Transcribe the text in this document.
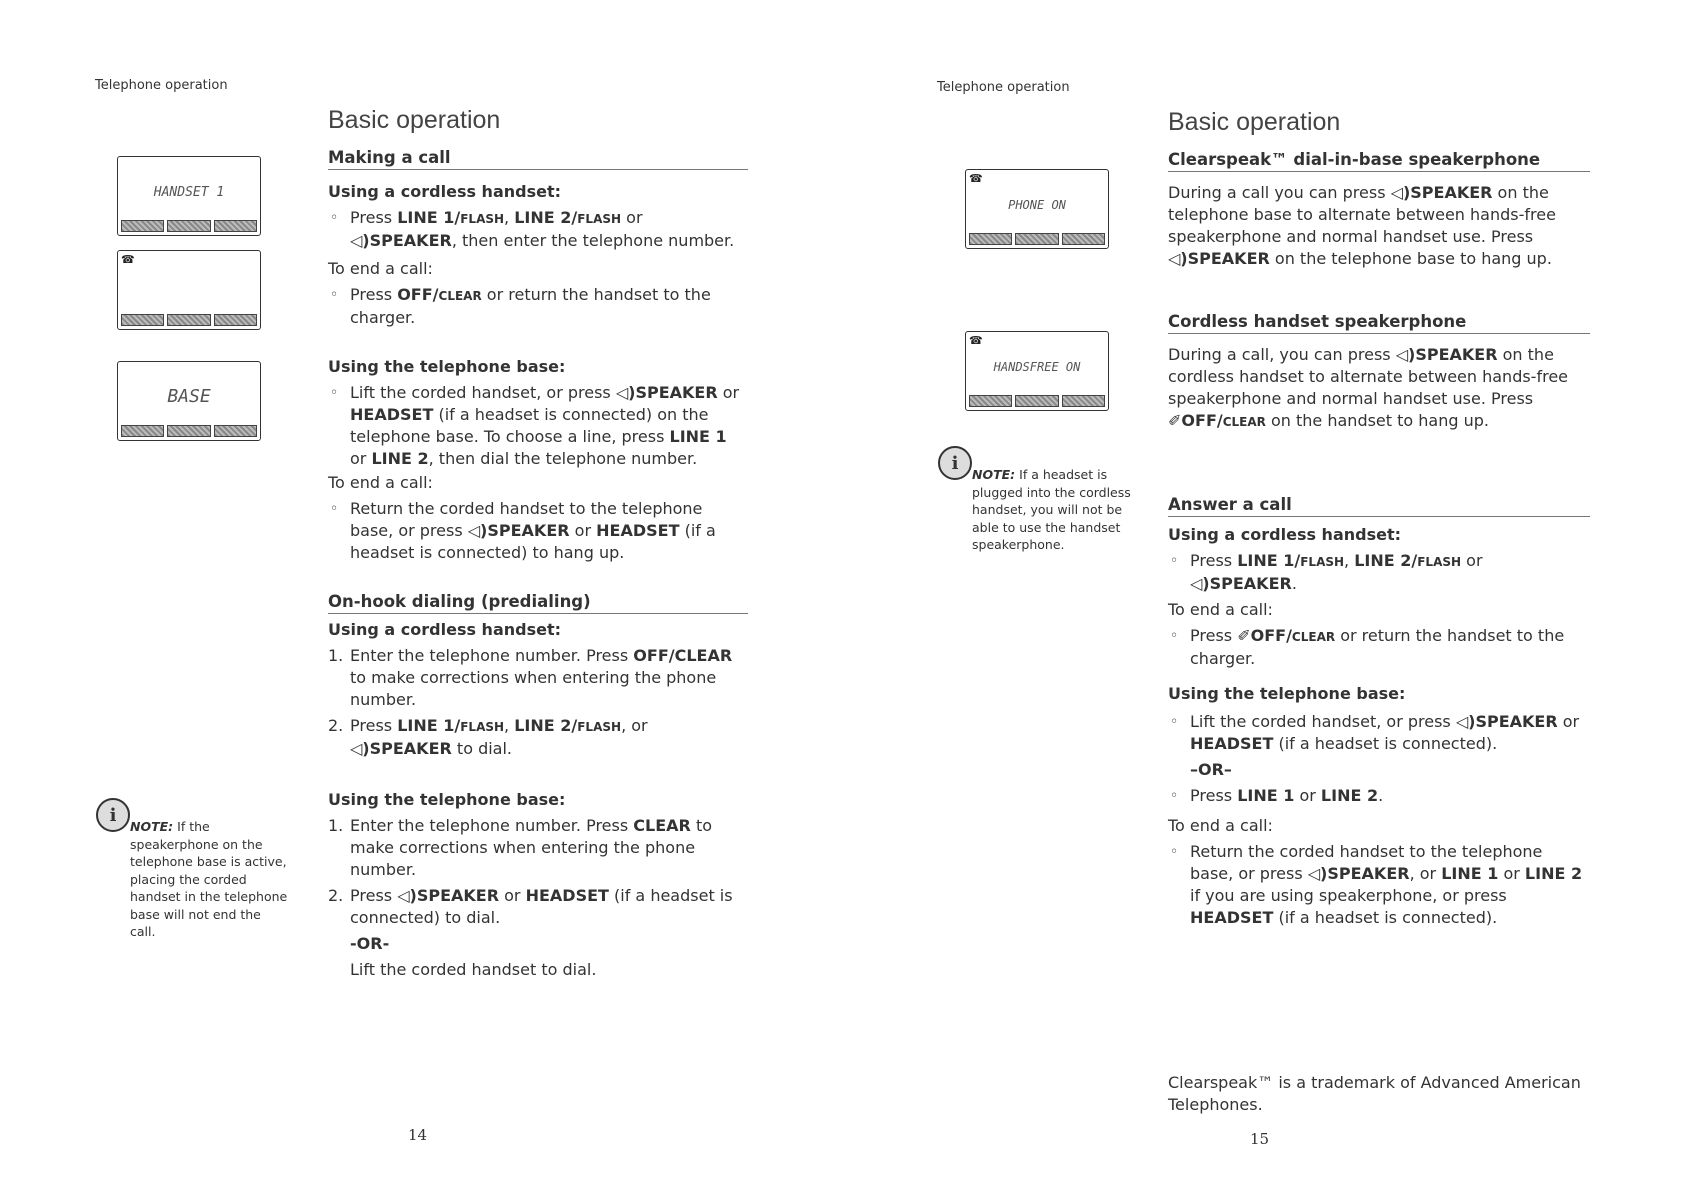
Telephone operation
Basic operation
HANDSET 1
☎
BASE
Making a call
Using a cordless handset:
◦ Press LINE 1/FLASH, LINE 2/FLASH or ◁)SPEAKER, then enter the telephone number.
To end a call:
◦ Press OFF/CLEAR or return the handset to the charger.
Using the telephone base:
◦ Lift the corded handset, or press ◁)SPEAKER or HEADSET (if a headset is connected) on the telephone base. To choose a line, press LINE 1 or LINE 2, then dial the telephone number.
To end a call:
◦ Return the corded handset to the telephone base, or press ◁)SPEAKER or HEADSET (if a headset is connected) to hang up.
On-hook dialing (predialing)
Using a cordless handset:
1. Enter the telephone number. Press OFF/CLEAR to make corrections when entering the phone number.
2. Press LINE 1/FLASH, LINE 2/FLASH, or ◁)SPEAKER to dial.
Using the telephone base:
1. Enter the telephone number. Press CLEAR to make corrections when entering the phone number.
2. Press ◁)SPEAKER or HEADSET (if a headset is connected) to dial.
-OR-
Lift the corded handset to dial.
i
NOTE: If the speakerphone on the telephone base is active, placing the corded handset in the telephone base will not end the call.
14
Telephone operation
Basic operation
☎
PHONE ON
☎
HANDSFREE ON
i
NOTE: If a headset is plugged into the cordless handset, you will not be able to use the handset speakerphone.
Clearspeak™ dial-in-base speakerphone
During a call you can press ◁)SPEAKER on the telephone base to alternate between hands-free speakerphone and normal handset use. Press ◁)SPEAKER on the telephone base to hang up.
Cordless handset speakerphone
During a call, you can press ◁)SPEAKER on the cordless handset to alternate between hands-free speakerphone and normal handset use. Press ✐OFF/CLEAR on the handset to hang up.
Answer a call
Using a cordless handset:
◦ Press LINE 1/FLASH, LINE 2/FLASH or ◁)SPEAKER.
To end a call:
◦ Press ✐OFF/CLEAR or return the handset to the charger.
Using the telephone base:
◦ Lift the corded handset, or press ◁)SPEAKER or HEADSET (if a headset is connected).
–OR–
◦ Press LINE 1 or LINE 2.
To end a call:
◦ Return the corded handset to the telephone base, or press ◁)SPEAKER, or LINE 1 or LINE 2 if you are using speakerphone, or press HEADSET (if a headset is connected).
Clearspeak™ is a trademark of Advanced American Telephones.
15
